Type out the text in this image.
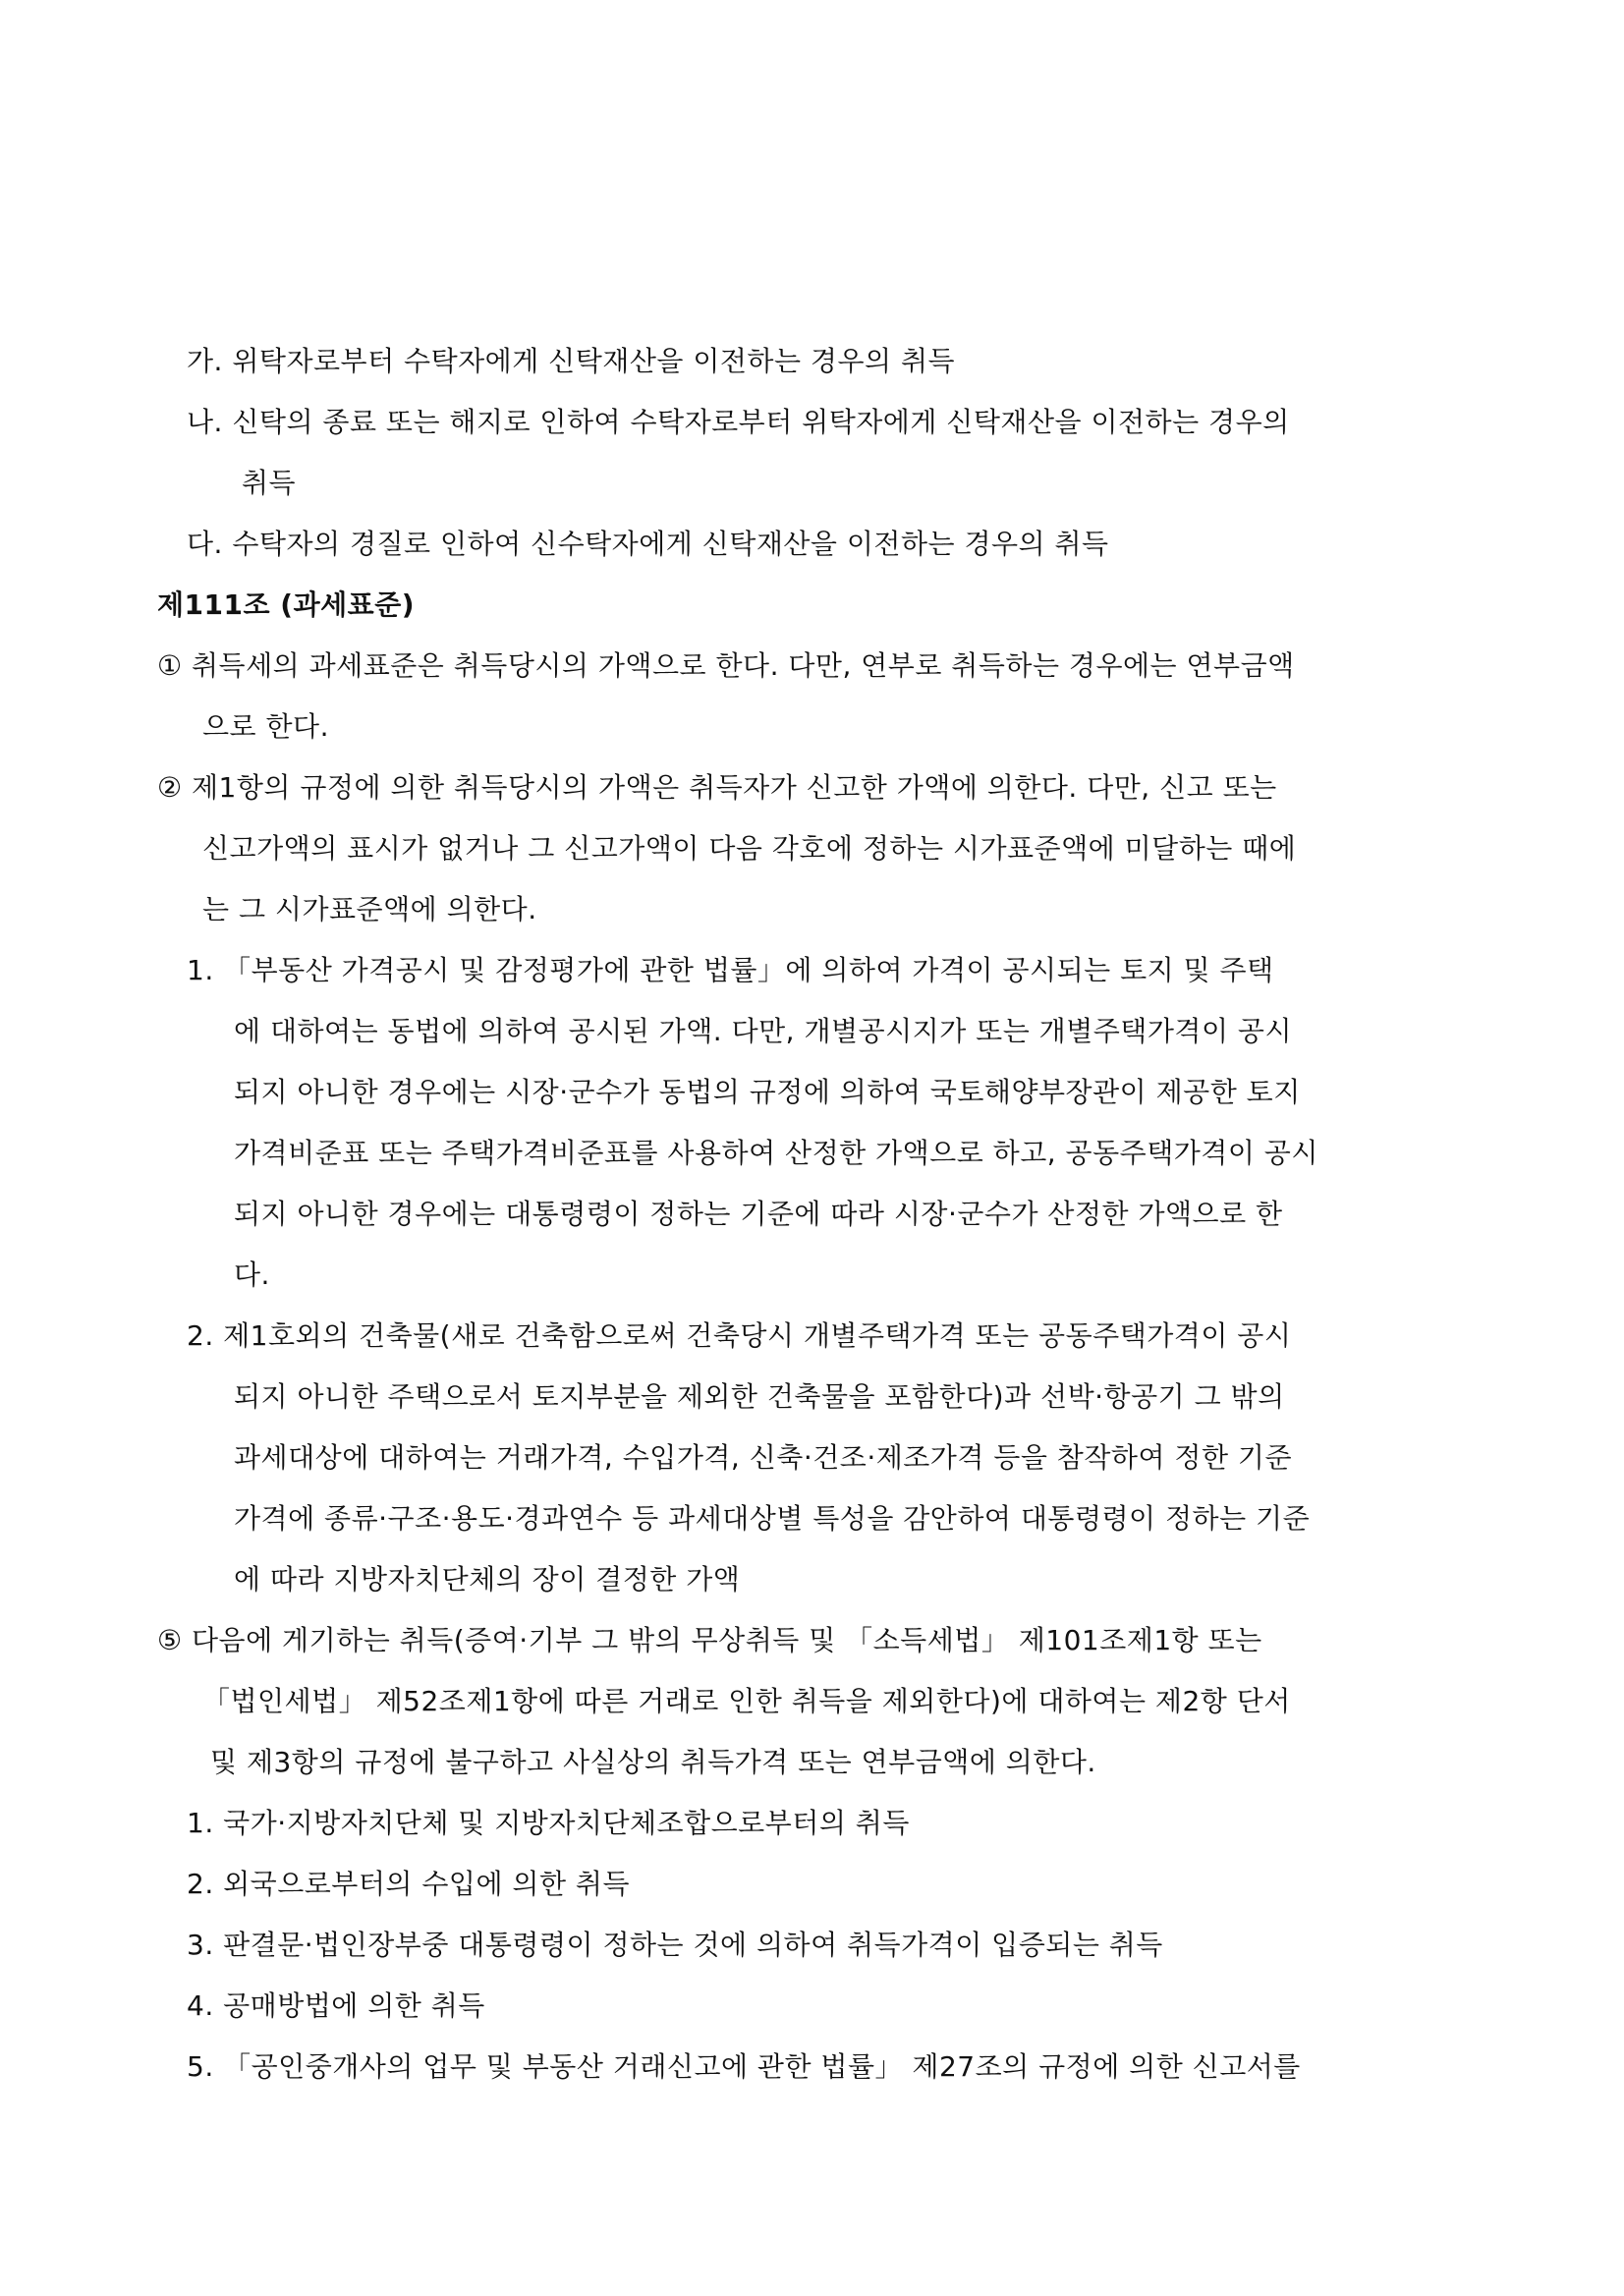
가. 위탁자로부터 수탁자에게 신탁재산을 이전하는 경우의 취득
나. 신탁의 종료 또는 해지로 인하여 수탁자로부터 위탁자에게 신탁재산을 이전하는 경우의
취득
다. 수탁자의 경질로 인하여 신수탁자에게 신탁재산을 이전하는 경우의 취득
제111조 (과세표준)
① 취득세의 과세표준은 취득당시의 가액으로 한다. 다만, 연부로 취득하는 경우에는 연부금액
으로 한다.
② 제1항의 규정에 의한 취득당시의 가액은 취득자가 신고한 가액에 의한다. 다만, 신고 또는
신고가액의 표시가 없거나 그 신고가액이 다음 각호에 정하는 시가표준액에 미달하는 때에
는 그 시가표준액에 의한다.
1. 「부동산 가격공시 및 감정평가에 관한 법률」에 의하여 가격이 공시되는 토지 및 주택
에 대하여는 동법에 의하여 공시된 가액. 다만, 개별공시지가 또는 개별주택가격이 공시
되지 아니한 경우에는 시장·군수가 동법의 규정에 의하여 국토해양부장관이 제공한 토지
가격비준표 또는 주택가격비준표를 사용하여 산정한 가액으로 하고, 공동주택가격이 공시
되지 아니한 경우에는 대통령령이 정하는 기준에 따라 시장·군수가 산정한 가액으로 한
다.
2. 제1호외의 건축물(새로 건축함으로써 건축당시 개별주택가격 또는 공동주택가격이 공시
되지 아니한 주택으로서 토지부분을 제외한 건축물을 포함한다)과 선박·항공기 그 밖의
과세대상에 대하여는 거래가격, 수입가격, 신축·건조·제조가격 등을 참작하여 정한 기준
가격에 종류·구조·용도·경과연수 등 과세대상별 특성을 감안하여 대통령령이 정하는 기준
에 따라 지방자치단체의 장이 결정한 가액
⑤ 다음에 게기하는 취득(증여·기부 그 밖의 무상취득 및 「소득세법」 제101조제1항 또는
「법인세법」 제52조제1항에 따른 거래로 인한 취득을 제외한다)에 대하여는 제2항 단서
및 제3항의 규정에 불구하고 사실상의 취득가격 또는 연부금액에 의한다.
1. 국가·지방자치단체 및 지방자치단체조합으로부터의 취득
2. 외국으로부터의 수입에 의한 취득
3. 판결문·법인장부중 대통령령이 정하는 것에 의하여 취득가격이 입증되는 취득
4. 공매방법에 의한 취득
5. 「공인중개사의 업무 및 부동산 거래신고에 관한 법률」 제27조의 규정에 의한 신고서를
